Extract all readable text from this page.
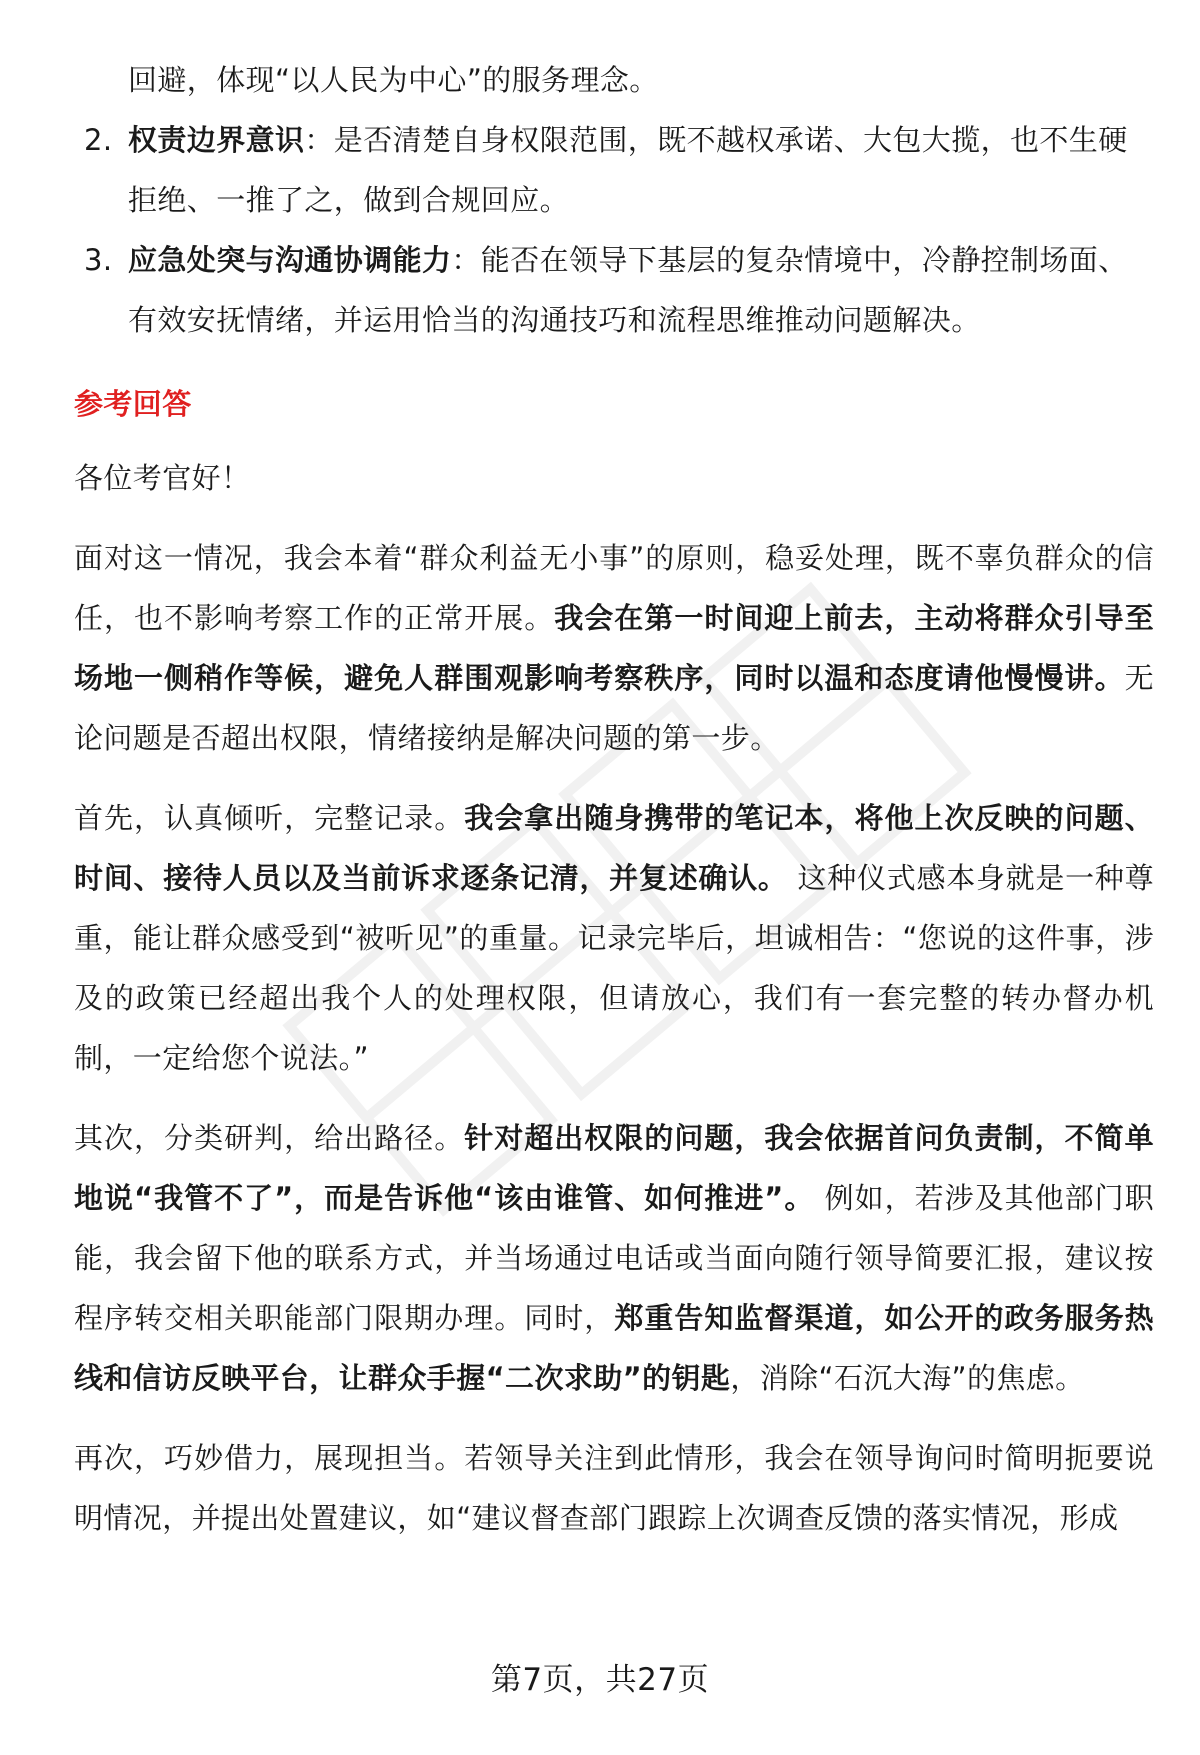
回避，体现“以人民为中心”的服务理念。

2. 权责边界意识：是否清楚自身权限范围，既不越权承诺、大包大揽，也不生硬拒绝、一推了之，做到合规回应。
3. 应急处突与沟通协调能力：能否在领导下基层的复杂情境中，冷静控制场面、有效安抚情绪，并运用恰当的沟通技巧和流程思维推动问题解决。

参考回答

各位考官好！

面对这一情况，我会本着“群众利益无小事”的原则，稳妥处理，既不辜负群众的信任，也不影响考察工作的正常开展。我会在第一时间迎上前去，主动将群众引导至场地一侧稍作等候，避免人群围观影响考察秩序，同时以温和态度请他慢慢讲。无论问题是否超出权限，情绪接纳是解决问题的第一步。

首先，认真倾听，完整记录。我会拿出随身携带的笔记本，将他上次反映的问题、时间、接待人员以及当前诉求逐条记清，并复述确认。 这种仪式感本身就是一种尊重，能让群众感受到“被听见”的重量。记录完毕后，坦诚相告：“您说的这件事，涉及的政策已经超出我个人的处理权限，但请放心，我们有一套完整的转办督办机制，一定给您个说法。”

其次，分类研判，给出路径。针对超出权限的问题，我会依据首问负责制，不简单地说“我管不了”，而是告诉他“该由谁管、如何推进”。 例如，若涉及其他部门职能，我会留下他的联系方式，并当场通过电话或当面向随行领导简要汇报，建议按程序转交相关职能部门限期办理。同时，郑重告知监督渠道，如公开的政务服务热线和信访反映平台，让群众手握“二次求助”的钥匙，消除“石沉大海”的焦虑。

再次，巧妙借力，展现担当。若领导关注到此情形，我会在领导询问时简明扼要说明情况，并提出处置建议，如“建议督查部门跟踪上次调查反馈的落实情况，形成

第7页，共27页
